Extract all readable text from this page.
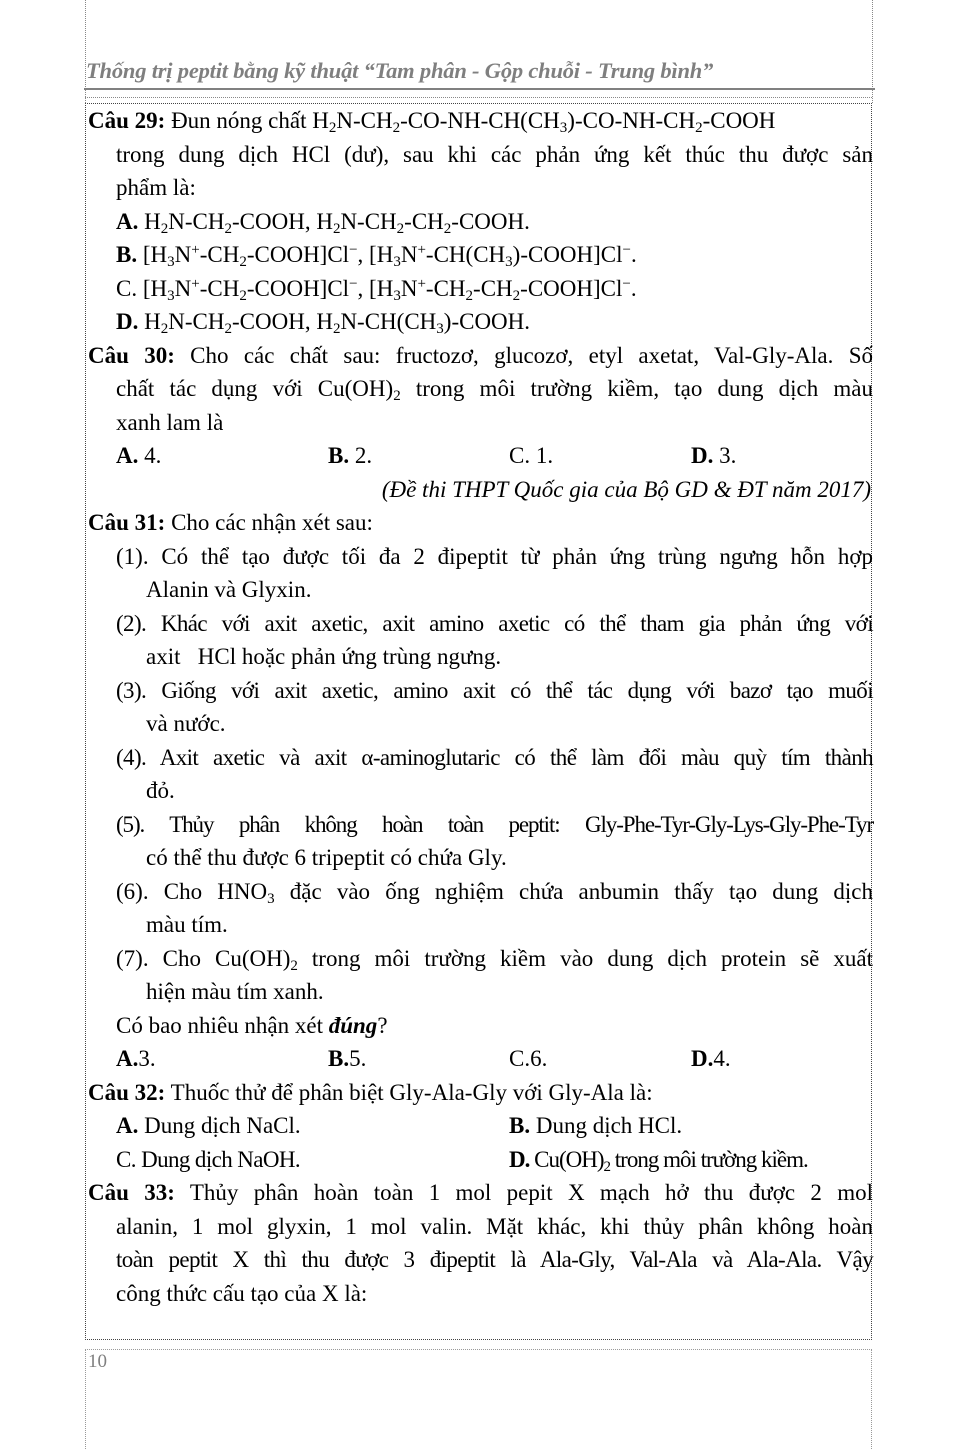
Thống trị peptit bằng kỹ thuật “Tam phân - Gộp chuỗi - Trung bình”
Câu 29: Đun nóng chất $H_2N-CH_2-CO-NH-CH(CH_3)-CO-NH-CH_2$-COOH
trong dung dịch HCl (dư), sau khi các phản ứng kết thúc thu được sản
phẩm là:
A. $H_2N-CH_2$-COOH, $H_2N-CH_2-CH_2$-COOH.
B. $[H_3N^+-CH_2-COOH]Cl^-$, $[H_3N^+-CH(CH_3)-COOH]Cl^-$.
C. $[H_3N^+-CH_2-COOH]Cl^-$, $[H_3N^+-CH_2-CH_2-COOH]Cl^-$.
D. $H_2N-CH_2$-COOH, $H_2N-CH(CH_3)$-COOH.
Câu 30: Cho các chất sau: fructozơ, glucozơ, etyl axetat, Val-Gly-Ala. Số
chất tác dụng với $Cu(OH)_2$ trong môi trường kiềm, tạo dung dịch màu
xanh lam là
A. 4.	B. 2.	C. 1.	D. 3.
(Đề thi THPT Quốc gia của Bộ GD & ĐT năm 2017)
Câu 31: Cho các nhận xét sau:
(1). Có thể tạo được tối đa 2 đipeptit từ phản ứng trùng ngưng hỗn hợp
Alanin và Glyxin.
(2). Khác với axit axetic, axit amino axetic có thể tham gia phản ứng với
axit   HCl hoặc phản ứng trùng ngưng.
(3). Giống với axit axetic, amino axit có thể tác dụng với bazơ tạo muối
và nước.
(4). Axit axetic và axit α-aminoglutaric có thể làm đổi màu quỳ tím thành
đỏ.
(5). Thủy phân không hoàn toàn peptit: Gly-Phe-Tyr-Gly-Lys-Gly-Phe-Tyr
có thể thu được 6 tripeptit có chứa Gly.
(6). Cho $HNO_3$ đặc vào ống nghiệm chứa anbumin thấy tạo dung dịch
màu tím.
(7). Cho $Cu(OH)_2$ trong môi trường kiềm vào dung dịch protein sẽ xuất
hiện màu tím xanh.
Có bao nhiêu nhận xét đúng?
A.3.	B.5.	C.6.	D.4.
Câu 32: Thuốc thử để phân biệt Gly-Ala-Gly với Gly-Ala là:
A. Dung dịch NaCl.	B. Dung dịch HCl.
C. Dung dịch NaOH.	D. $Cu(OH)_2$ trong môi trường kiềm.
Câu 33: Thủy phân hoàn toàn 1 mol pepit X mạch hở thu được 2 mol
alanin, 1 mol glyxin, 1 mol valin. Mặt khác, khi thủy phân không hoàn
toàn peptit X thì thu được 3 đipeptit là Ala-Gly, Val-Ala và Ala-Ala. Vậy
công thức cấu tạo của X là:
10
